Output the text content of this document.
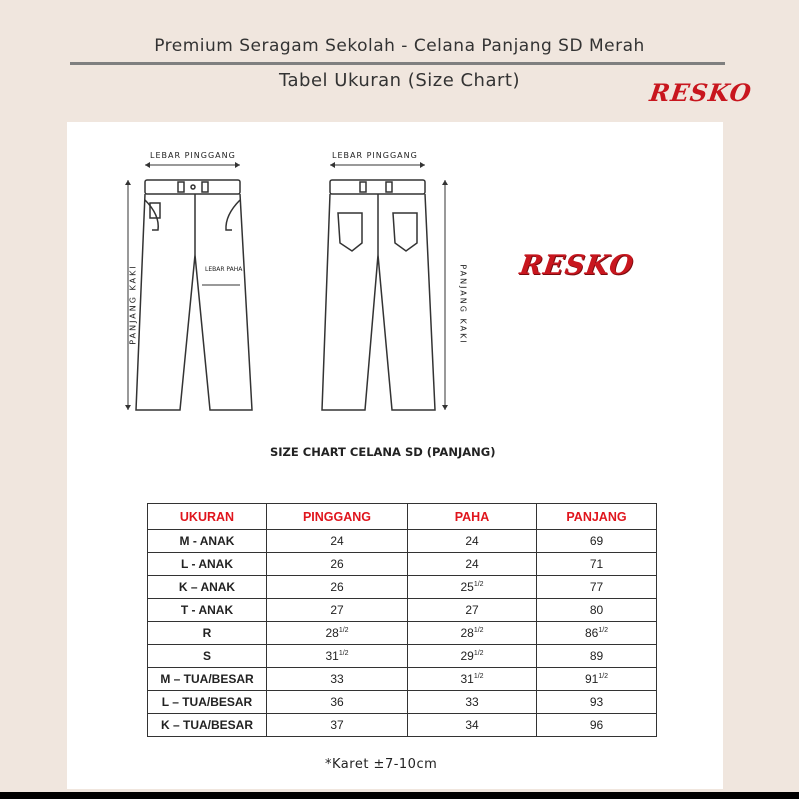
Premium Seragam Sekolah - Celana Panjang SD Merah
Tabel Ukuran (Size Chart)	RESKO
LEBAR PINGGANG	LEBAR PINGGANG
LEBAR PAHA
PANJANG KAKI	PANJANG KAKI RESKO
SIZE CHART CELANA SD (PANJANG)
UKURAN	PINGGANG	PAHA	PANJANG
M - ANAK	24	24	69
L - ANAK	26	24	71
K – ANAK	26	$25^{1/2}$	77
T - ANAK	27	27	80
R	$28^{1/2}$	$28^{1/2}$	$86^{1/2}$
S	$31^{1/2}$	$29^{1/2}$	89
M – TUA/BESAR	33	$31^{1/2}$	$91^{1/2}$
L – TUA/BESAR	36	33	93
K – TUA/BESAR	37	34	96
*Karet ±7-10cm
